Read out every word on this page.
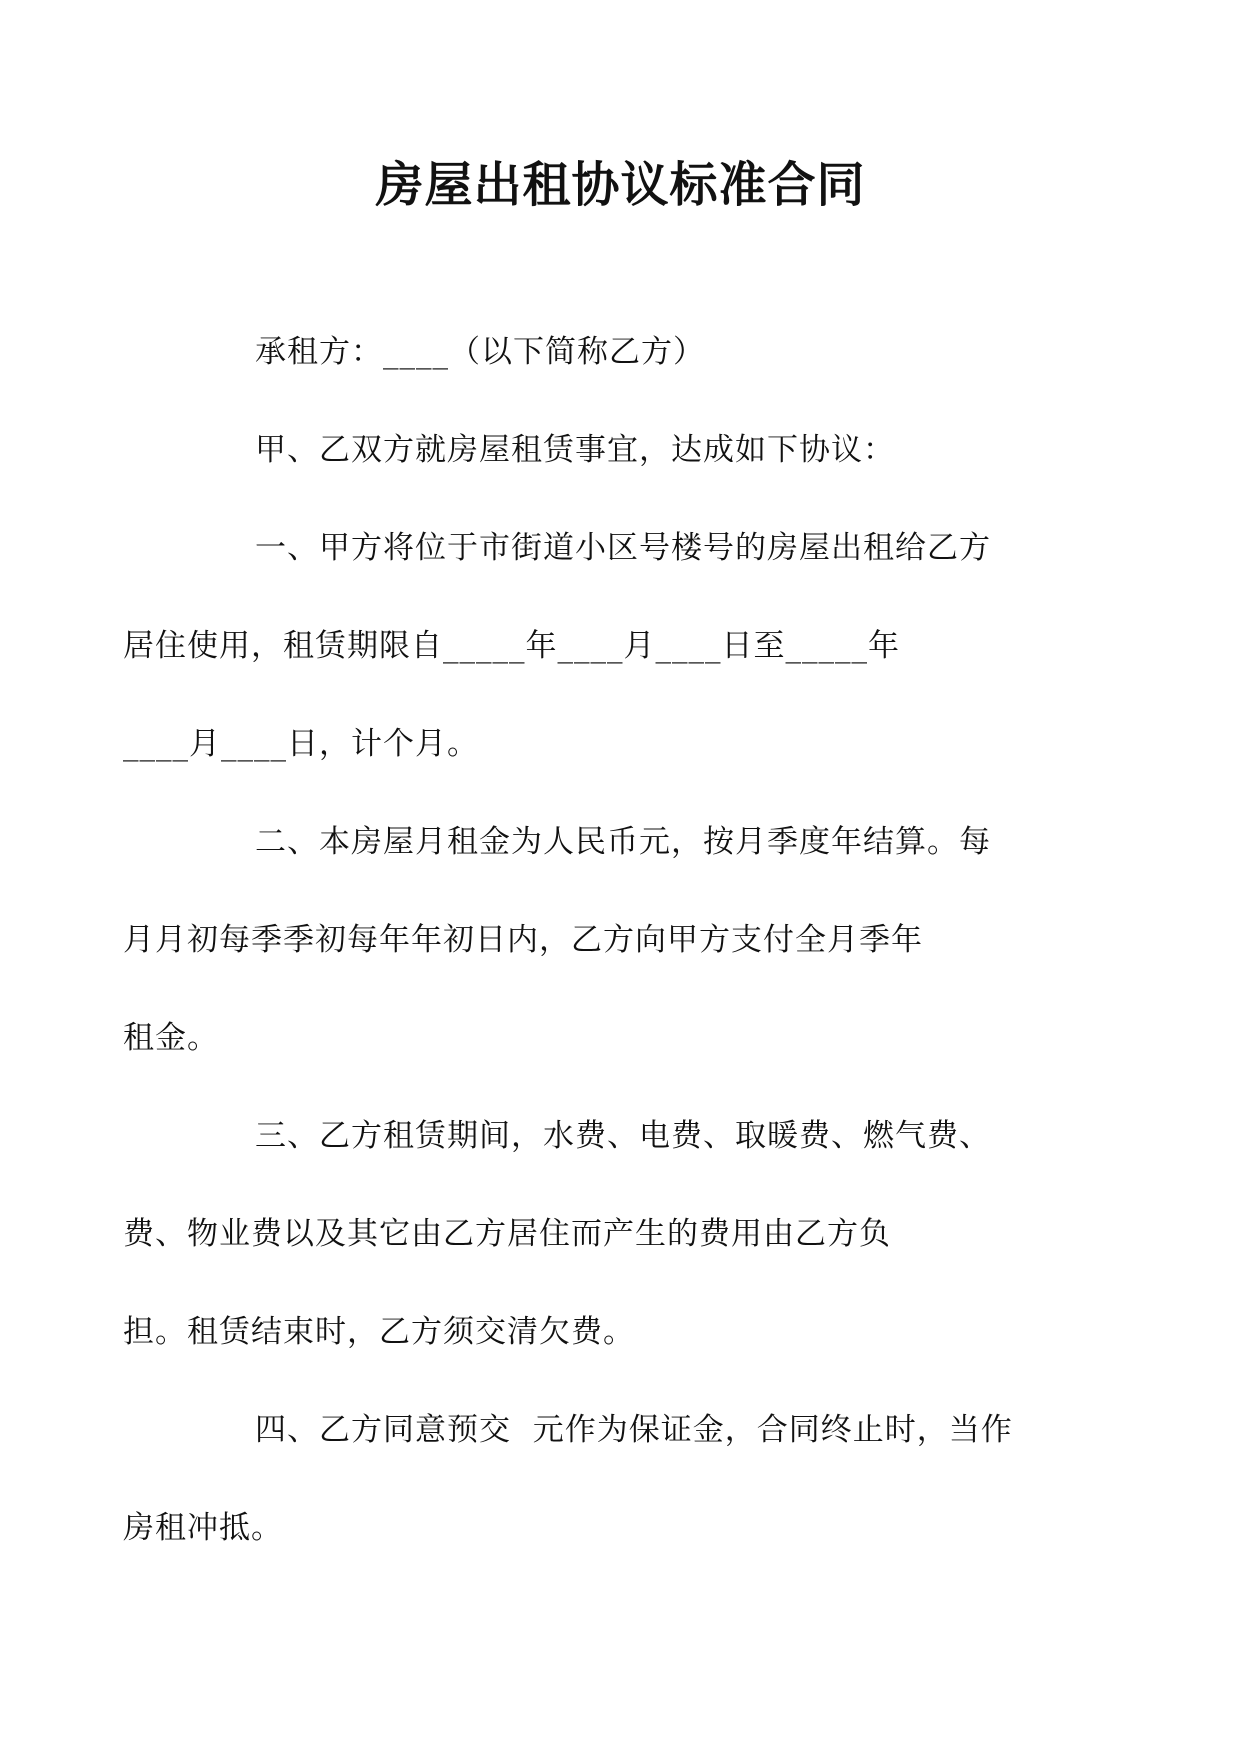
房屋出租协议标准合同

承租方：____（以下简称乙方）

甲、乙双方就房屋租赁事宜，达成如下协议：

一、甲方将位于市街道小区号楼号的房屋出租给乙方
居住使用，租赁期限自_____年____月____日至_____年
____月____日，计个月。

二、本房屋月租金为人民币元，按月季度年结算。每
月月初每季季初每年年初日内，乙方向甲方支付全月季年
租金。

三、乙方租赁期间，水费、电费、取暖费、燃气费、
费、物业费以及其它由乙方居住而产生的费用由乙方负
担。租赁结束时，乙方须交清欠费。

四、乙方同意预交  元作为保证金，合同终止时，当作
房租冲抵。
